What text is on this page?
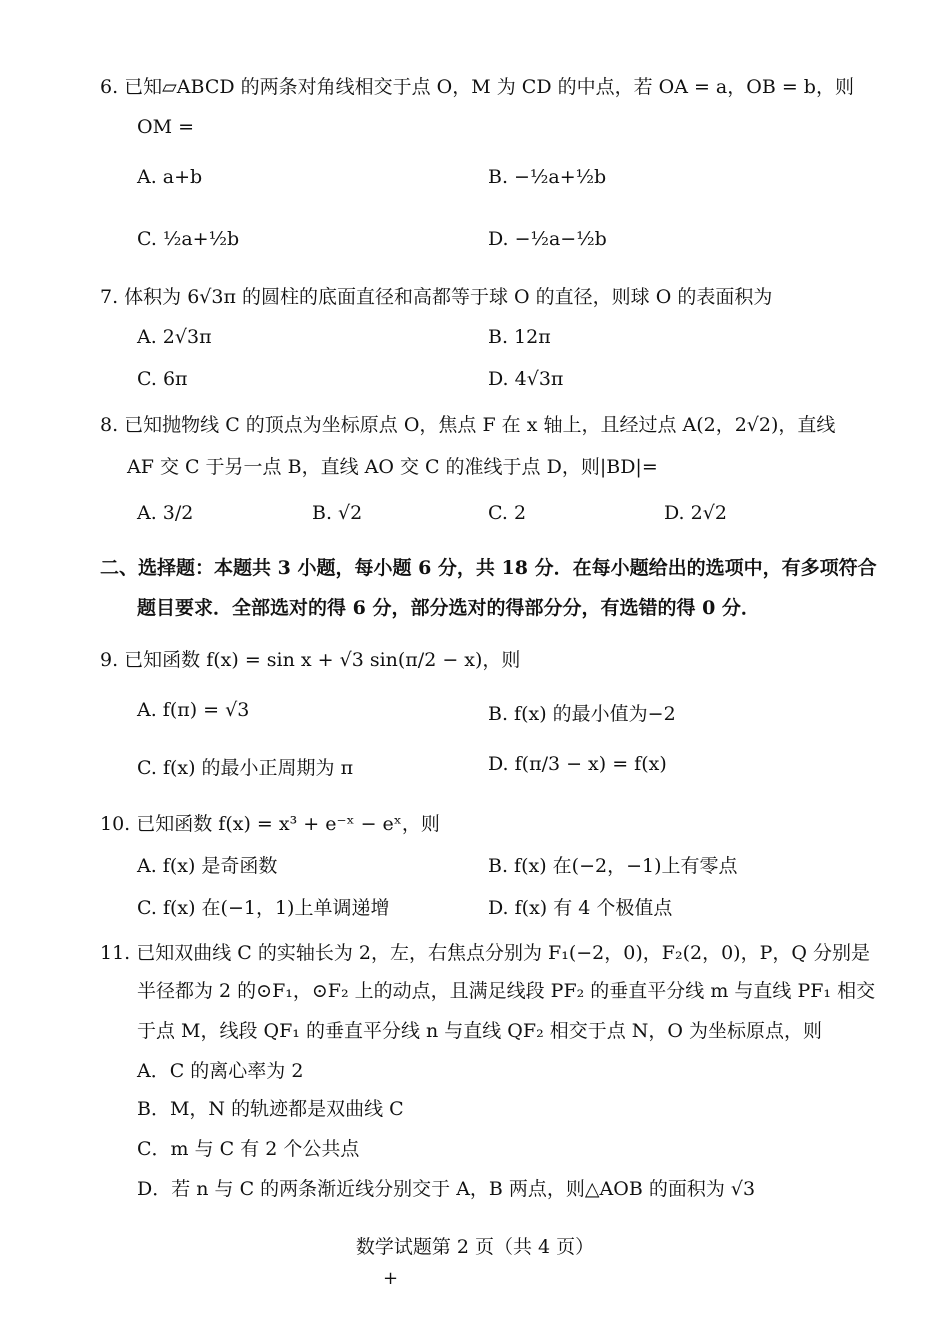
6. 已知▱ABCD 的两条对角线相交于点 O，M 为 CD 的中点，若 OA = a，OB = b，则
OM =
A. a+b	B. −½a+½b
C. ½a+½b	D. −½a−½b
7. 体积为 6√3π 的圆柱的底面直径和高都等于球 O 的直径，则球 O 的表面积为
A. 2√3π	B. 12π
C. 6π	D. 4√3π
8. 已知抛物线 C 的顶点为坐标原点 O，焦点 F 在 x 轴上，且经过点 A(2，2√2)，直线
AF 交 C 于另一点 B，直线 AO 交 C 的准线于点 D，则|BD|=
A. 3/2	B. √2	C. 2	D. 2√2
二、选择题：本题共 3 小题，每小题 6 分，共 18 分．在每小题给出的选项中，有多项符合
题目要求．全部选对的得 6 分，部分选对的得部分分，有选错的得 0 分．
9. 已知函数 f(x) = sin x + √3 sin(π/2 − x)，则
A. f(π) = √3	B. f(x) 的最小值为−2
C. f(x) 的最小正周期为 π	D. f(π/3 − x) = f(x)
10. 已知函数 f(x) = x³ + e⁻ˣ − eˣ，则
A. f(x) 是奇函数	B. f(x) 在(−2，−1)上有零点
C. f(x) 在(−1，1)上单调递增	D. f(x) 有 4 个极值点
11. 已知双曲线 C 的实轴长为 2，左，右焦点分别为 F₁(−2，0)，F₂(2，0)，P，Q 分别是
半径都为 2 的⊙F₁，⊙F₂ 上的动点，且满足线段 PF₂ 的垂直平分线 m 与直线 PF₁ 相交
于点 M，线段 QF₁ 的垂直平分线 n 与直线 QF₂ 相交于点 N，O 为坐标原点，则
A．C 的离心率为 2
B．M，N 的轨迹都是双曲线 C
C．m 与 C 有 2 个公共点
D．若 n 与 C 的两条渐近线分别交于 A，B 两点，则△AOB 的面积为 √3
数学试题第 2 页（共 4 页）
+
